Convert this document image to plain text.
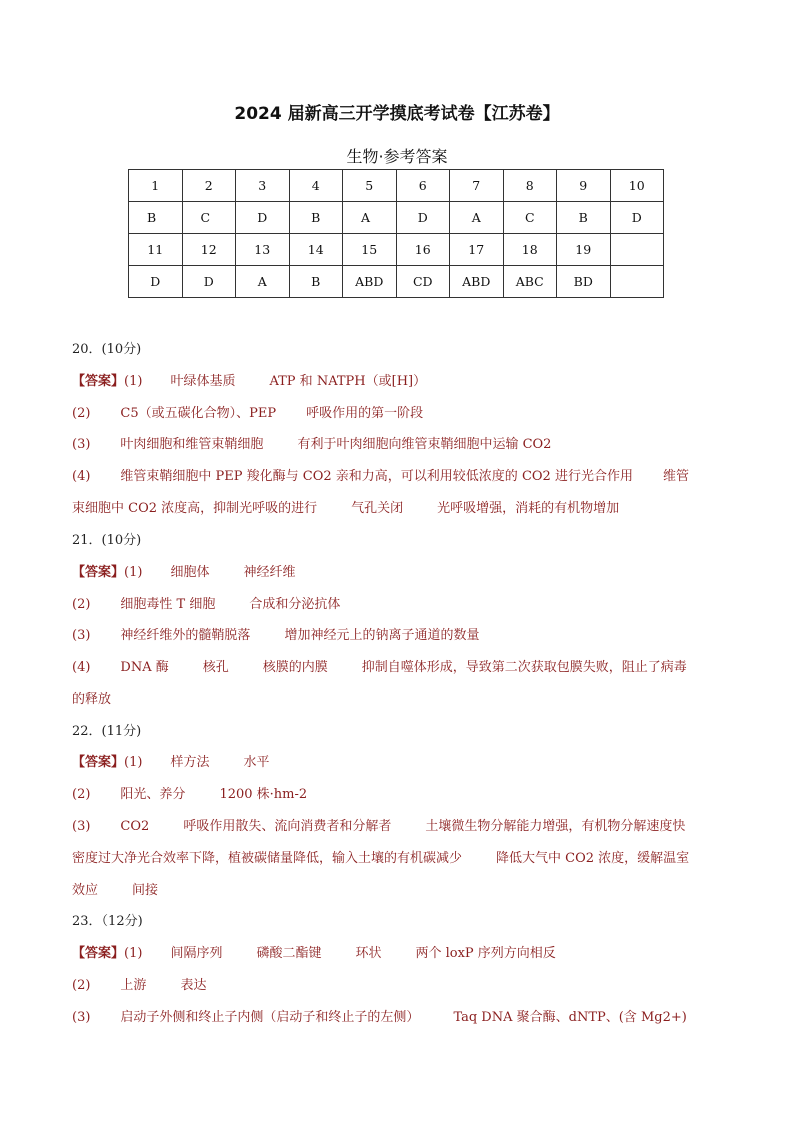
2024 届新高三开学摸底考试卷【江苏卷】
生物·参考答案
1	2	3	4	5	6	7	8	9	10
B	C	D	B	A	D	A	C	B	D
11	12	13	14	15	16	17	18	19	
D	D	A	B	ABD	CD	ABD	ABC	BD	
20．(10分)
【答案】(1) 叶绿体基质	ATP 和 NATPH（或[H]）
(2) C5（或五碳化合物）、PEP 呼吸作用的第一阶段
(3) 叶肉细胞和维管束鞘细胞	有利于叶肉细胞向维管束鞘细胞中运输 CO2
(4) 维管束鞘细胞中 PEP 羧化酶与 CO2 亲和力高，可以利用较低浓度的 CO2 进行光合作用 维管
束细胞中 CO2 浓度高，抑制光呼吸的进行	气孔关闭	光呼吸增强，消耗的有机物增加
21．(10分)
【答案】(1) 细胞体	神经纤维
(2) 细胞毒性 T 细胞	合成和分泌抗体
(3) 神经纤维外的髓鞘脱落	增加神经元上的钠离子通道的数量
(4) DNA 酶	核孔	核膜的内膜	抑制自噬体形成，导致第二次获取包膜失败，阻止了病毒
的释放
22．(11分)
【答案】(1) 样方法	水平
(2) 阳光、养分	1200 株·hm-2
(3) CO2	呼吸作用散失、流向消费者和分解者	土壤微生物分解能力增强，有机物分解速度快
密度过大净光合效率下降，植被碳储量降低，输入土壤的有机碳减少	降低大气中 CO2 浓度，缓解温室
效应	间接
23．（12分)
【答案】(1) 间隔序列	磷酸二酯键	环状	两个 loxP 序列方向相反
(2) 上游	表达
(3) 启动子外侧和终止子内侧（启动子和终止子的左侧）	Taq DNA 聚合酶、dNTP、(含 Mg2+)
